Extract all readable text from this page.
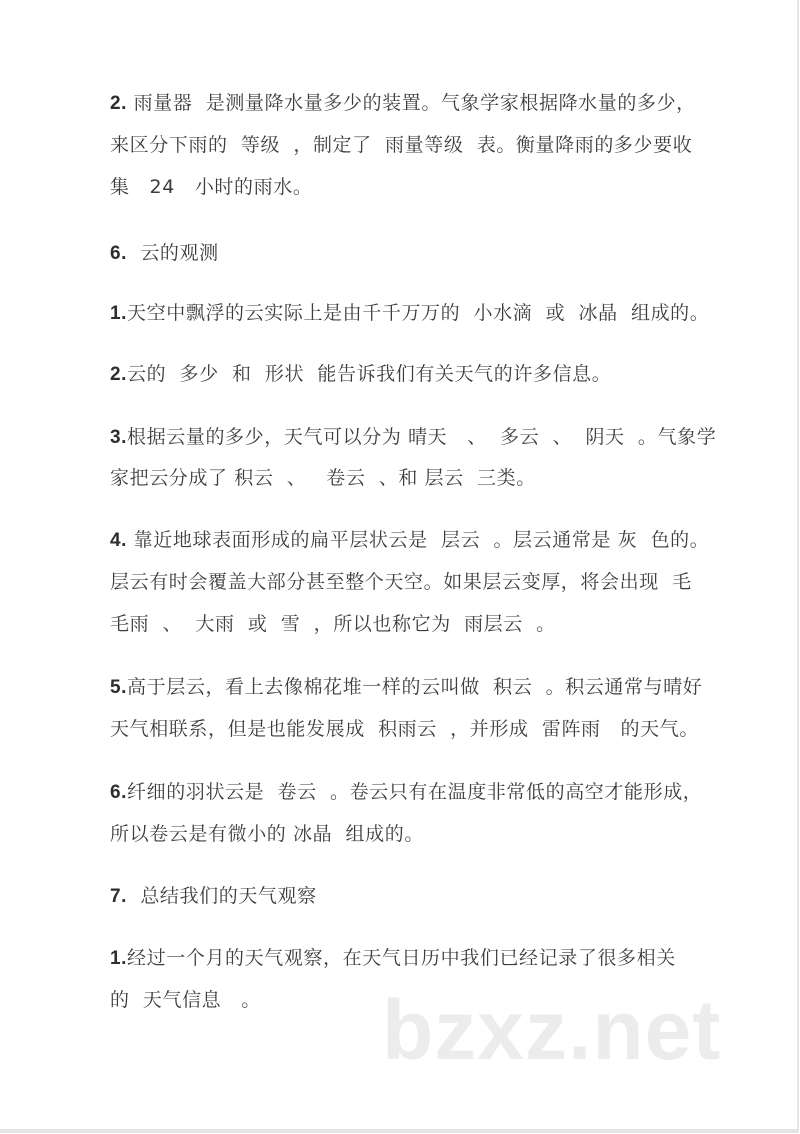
2. 雨量器  是测量降水量多少的装置。气象学家根据降水量的多少，
来区分下雨的  等级  ，制定了  雨量等级  表。衡量降雨的多少要收
集   24   小时的雨水。
6.  云的观测
1.天空中飘浮的云实际上是由千千万万的  小水滴  或  冰晶  组成的。
2.云的  多少  和  形状  能告诉我们有关天气的许多信息。
3.根据云量的多少，天气可以分为 晴天   、  多云  、  阴天  。气象学
家把云分成了 积云  、   卷云  、和 层云  三类。
4. 靠近地球表面形成的扁平层状云是  层云  。层云通常是 灰  色的。
层云有时会覆盖大部分甚至整个天空。如果层云变厚，将会出现  毛
毛雨  、  大雨  或  雪  ，所以也称它为  雨层云  。
5.高于层云，看上去像棉花堆一样的云叫做  积云  。积云通常与晴好
天气相联系，但是也能发展成  积雨云  ，并形成  雷阵雨   的天气。
6.纤细的羽状云是  卷云  。卷云只有在温度非常低的高空才能形成，
所以卷云是有微小的 冰晶  组成的。
7.  总结我们的天气观察
1.经过一个月的天气观察，在天气日历中我们已经记录了很多相关
的  天气信息   。 bzxz.net
